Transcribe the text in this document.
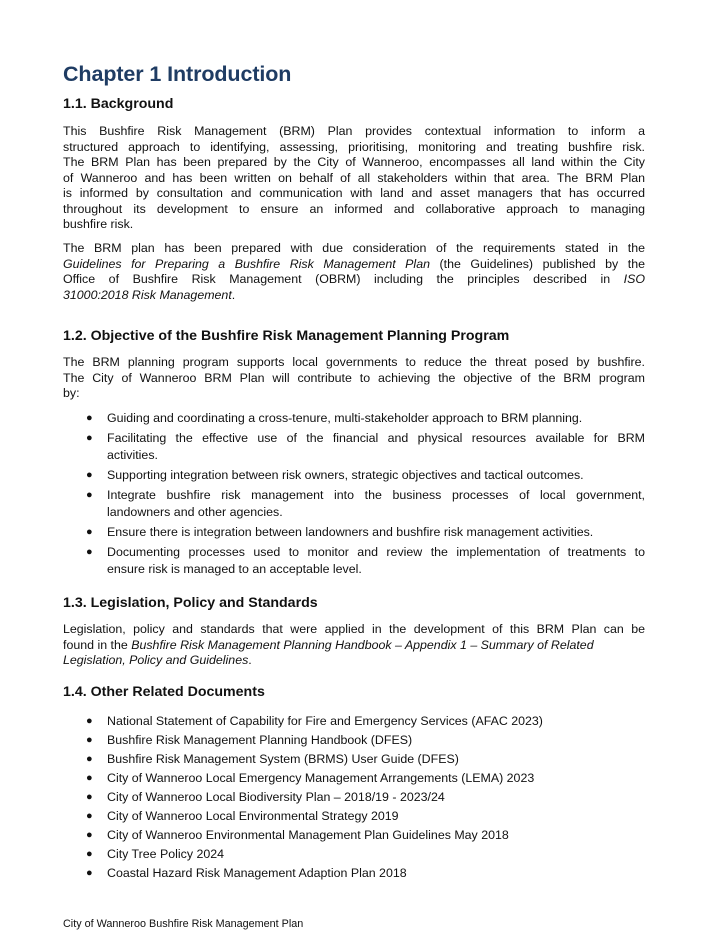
Chapter 1 Introduction
1.1. Background
This Bushfire Risk Management (BRM) Plan provides contextual information to inform a
structured approach to identifying, assessing, prioritising, monitoring and treating bushfire risk.
The BRM Plan has been prepared by the City of Wanneroo, encompasses all land within the City
of Wanneroo and has been written on behalf of all stakeholders within that area. The BRM Plan
is informed by consultation and communication with land and asset managers that has occurred
throughout its development to ensure an informed and collaborative approach to managing
bushfire risk.
The BRM plan has been prepared with due consideration of the requirements stated in the
Guidelines for Preparing a Bushfire Risk Management Plan (the Guidelines) published by the
Office of Bushfire Risk Management (OBRM) including the principles described in ISO
31000:2018 Risk Management.
1.2. Objective of the Bushfire Risk Management Planning Program
The BRM planning program supports local governments to reduce the threat posed by bushfire.
The City of Wanneroo BRM Plan will contribute to achieving the objective of the BRM program
by:
● Guiding and coordinating a cross-tenure, multi-stakeholder approach to BRM planning.
● Facilitating the effective use of the financial and physical resources available for BRM
activities.
● Supporting integration between risk owners, strategic objectives and tactical outcomes.
● Integrate bushfire risk management into the business processes of local government,
landowners and other agencies.
● Ensure there is integration between landowners and bushfire risk management activities.
● Documenting processes used to monitor and review the implementation of treatments to
ensure risk is managed to an acceptable level.
1.3. Legislation, Policy and Standards
Legislation, policy and standards that were applied in the development of this BRM Plan can be
found in the Bushfire Risk Management Planning Handbook – Appendix 1 – Summary of Related
Legislation, Policy and Guidelines.
1.4. Other Related Documents
● National Statement of Capability for Fire and Emergency Services (AFAC 2023)
● Bushfire Risk Management Planning Handbook (DFES)
● Bushfire Risk Management System (BRMS) User Guide (DFES)
● City of Wanneroo Local Emergency Management Arrangements (LEMA) 2023
● City of Wanneroo Local Biodiversity Plan – 2018/19 - 2023/24
● City of Wanneroo Local Environmental Strategy 2019
● City of Wanneroo Environmental Management Plan Guidelines May 2018
● City Tree Policy 2024
● Coastal Hazard Risk Management Adaption Plan 2018
City of Wanneroo Bushfire Risk Management Plan
